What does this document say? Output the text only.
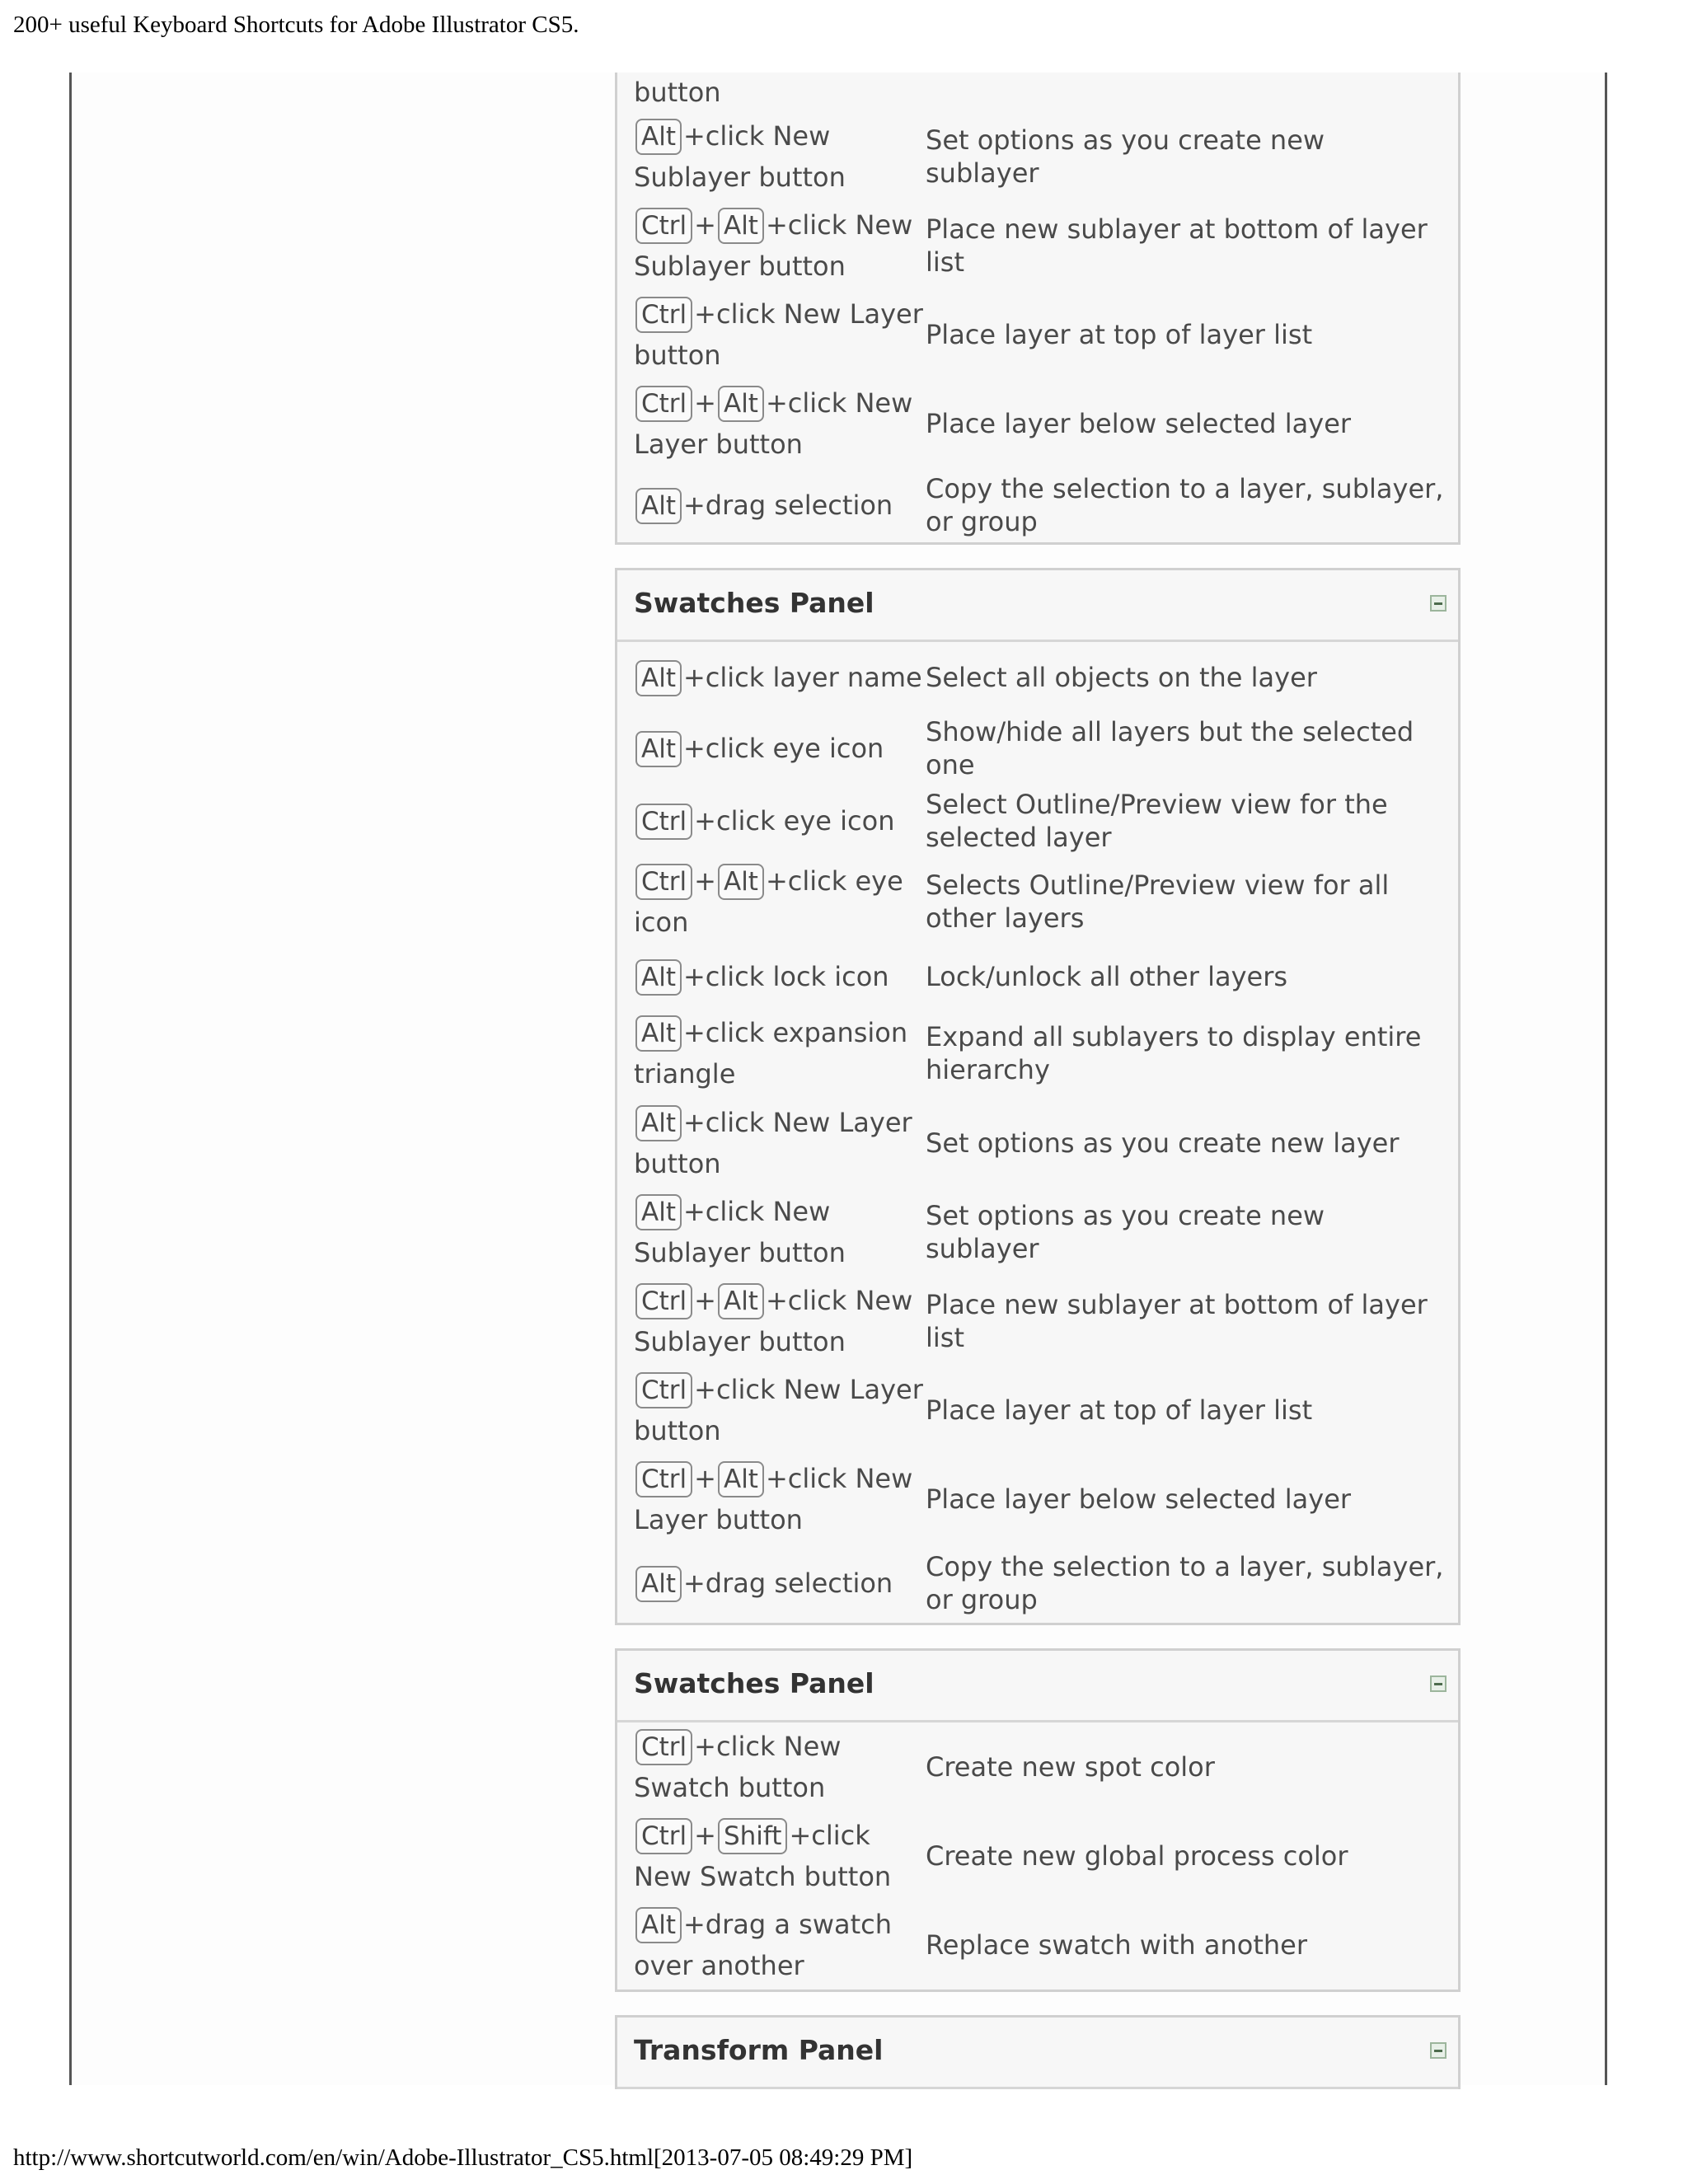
200+ useful Keyboard Shortcuts for Adobe Illustrator CS5.
button
Alt +click New Sublayer button
Set options as you create new sublayer
Ctrl + Alt +click New Sublayer button
Place new sublayer at bottom of layer list
Ctrl +click New Layer button
Place layer at top of layer list
Ctrl + Alt +click New Layer button
Place layer below selected layer
Alt +drag selection
Copy the selection to a layer, sublayer, or group
Swatches Panel
Alt +click layer name Select all objects on the layer
Alt +click eye icon
Show/hide all layers but the selected one
Ctrl +click eye icon
Select Outline/Preview view for the selected layer
Ctrl + Alt +click eye icon
Selects Outline/Preview view for all other layers
Alt +click lock icon	Lock/unlock all other layers
Alt +click expansion triangle
Expand all sublayers to display entire hierarchy
Alt +click New Layer button
Set options as you create new layer
Alt +click New Sublayer button
Set options as you create new sublayer
Ctrl + Alt +click New Sublayer button
Place new sublayer at bottom of layer list
Ctrl +click New Layer button
Place layer at top of layer list
Ctrl + Alt +click New Layer button
Place layer below selected layer
Alt +drag selection
Copy the selection to a layer, sublayer, or group
Swatches Panel
Ctrl +click New Swatch button
Create new spot color
Ctrl + Shift +click New Swatch button
Create new global process color
Alt +drag a swatch over another
Replace swatch with another
Transform Panel
http://www.shortcutworld.com/en/win/Adobe-Illustrator_CS5.html[2013-07-05 08:49:29 PM]
